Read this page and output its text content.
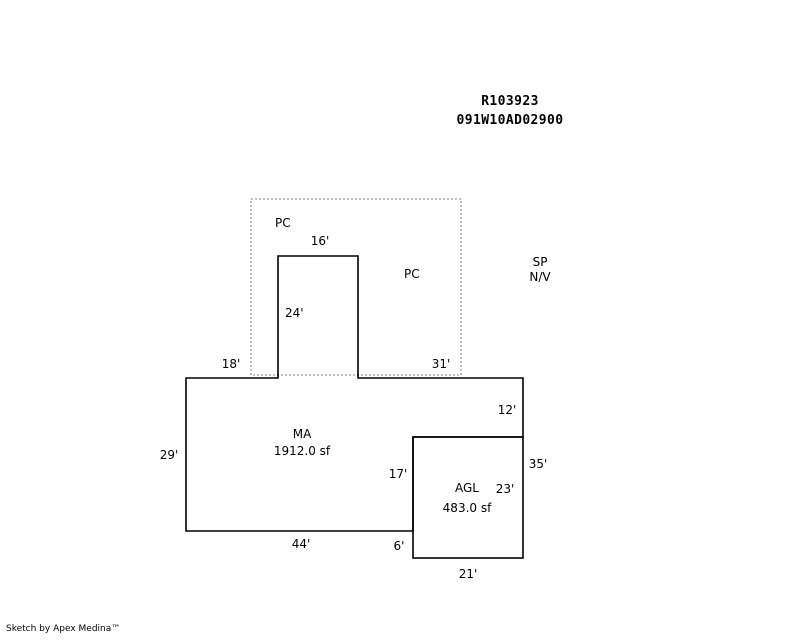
R103923
091W10AD02900
PC
PC
SP
N/V
MA
1912.0 sf
AGL
483.0 sf
16'
24'
18'	31'
12'
29'
17'
35'
23'
44'	6'
21'
Sketch by Apex Medina™
